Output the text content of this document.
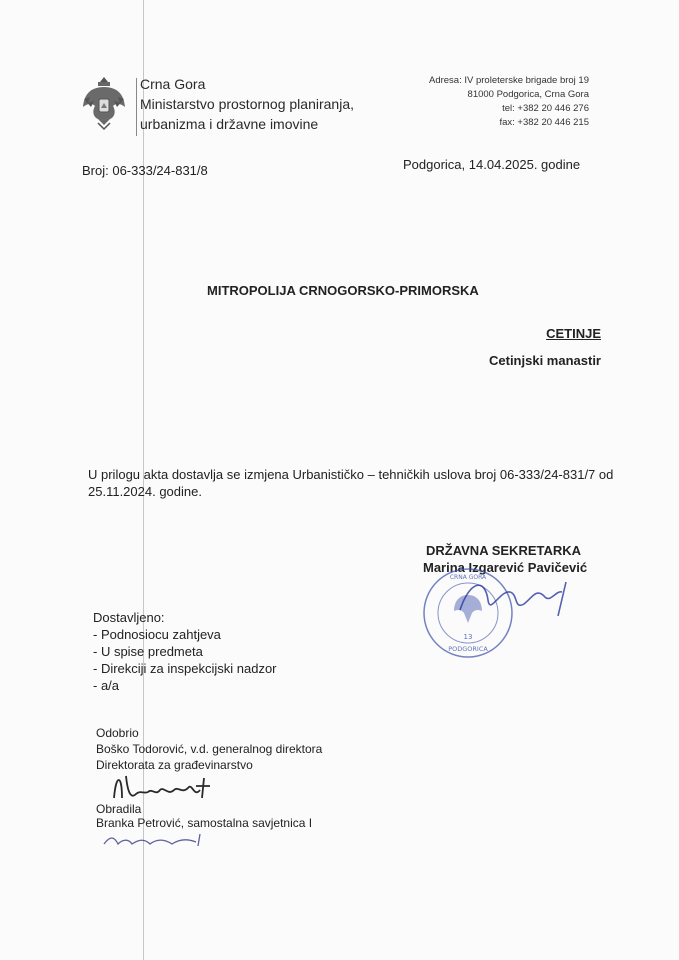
Crna Gora
Ministarstvo prostornog planiranja,
urbanizma i državne imovine
Adresa: IV proleterske brigade broj 19
81000 Podgorica, Crna Gora
tel: +382 20 446 276
fax: +382 20 446 215
Broj: 06-333/24-831/8	Podgorica, 14.04.2025. godine
MITROPOLIJA CRNOGORSKO-PRIMORSKA
CETINJE
Cetinjski manastir
U prilogu akta dostavlja se izmjena Urbanističko – tehničkih uslova broj 06-333/24-831/7 od
25.11.2024. godine.
DRŽAVNA SEKRETARKA
Marina Izgarević Pavičević
CRNA GORA
13
PODGORICA
Dostavljeno:
- Podnosiocu zahtjeva
- U spise predmeta
- Direkciji za inspekcijski nadzor
- a/a
Odobrio
Boško Todorović, v.d. generalnog direktora
Direktorata za građevinarstvo
Obradila
Branka Petrović, samostalna savjetnica I
